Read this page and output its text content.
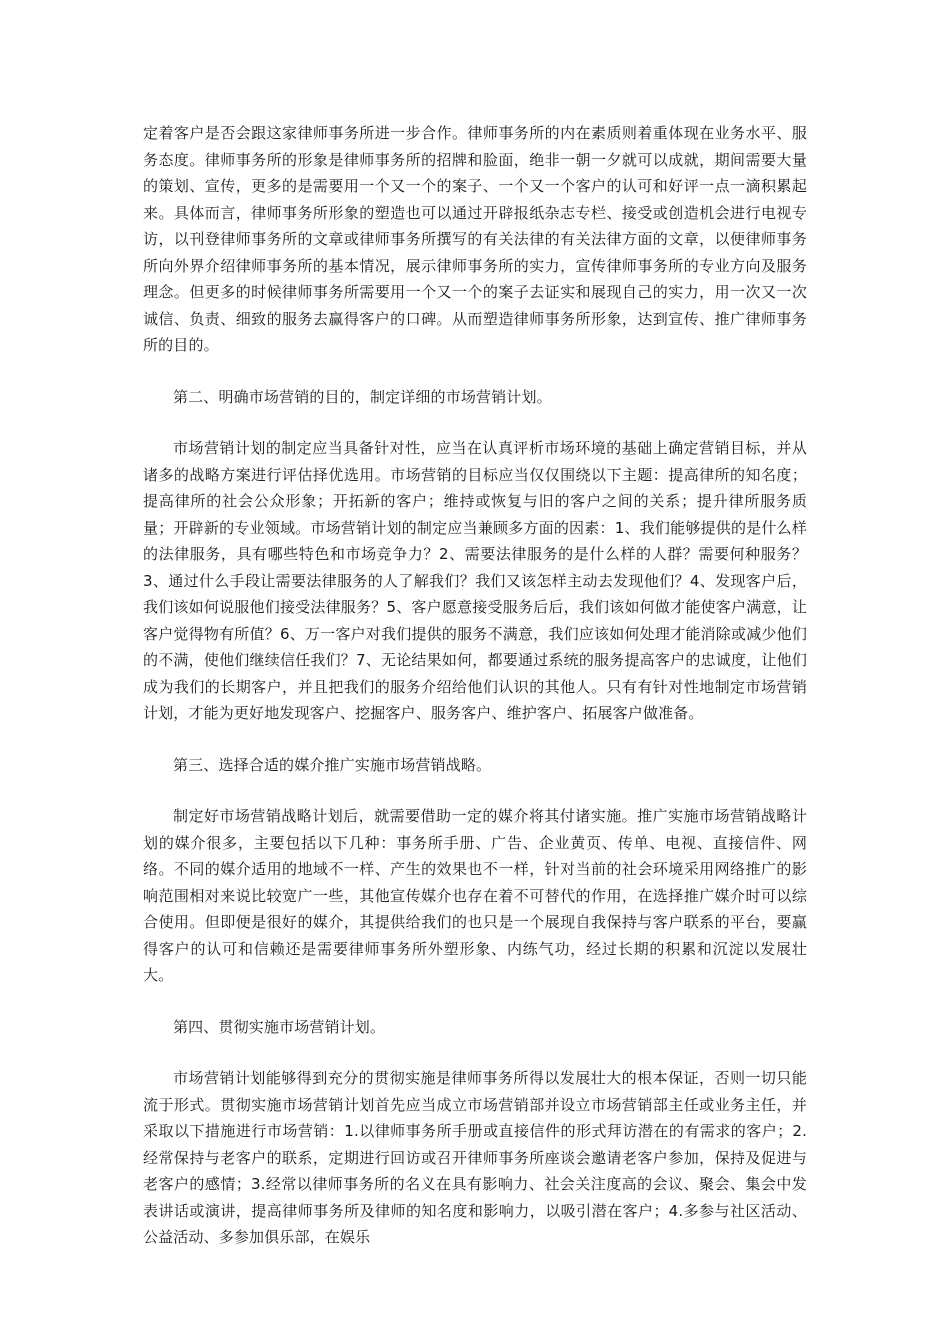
定着客户是否会跟这家律师事务所进一步合作。律师事务所的内在素质则着重体现在业务水平、服务态度。律师事务所的形象是律师事务所的招牌和脸面，绝非一朝一夕就可以成就，期间需要大量的策划、宣传，更多的是需要用一个又一个的案子、一个又一个客户的认可和好评一点一滴积累起来。具体而言，律师事务所形象的塑造也可以通过开辟报纸杂志专栏、接受或创造机会进行电视专访，以刊登律师事务所的文章或律师事务所撰写的有关法律的有关法律方面的文章，以便律师事务所向外界介绍律师事务所的基本情况，展示律师事务所的实力，宣传律师事务所的专业方向及服务理念。但更多的时候律师事务所需要用一个又一个的案子去证实和展现自己的实力，用一次又一次诚信、负责、细致的服务去赢得客户的口碑。从而塑造律师事务所形象，达到宣传、推广律师事务所的目的。

第二、明确市场营销的目的，制定详细的市场营销计划。

市场营销计划的制定应当具备针对性，应当在认真评析市场环境的基础上确定营销目标，并从诸多的战略方案进行评估择优选用。市场营销的目标应当仅仅围绕以下主题：提高律所的知名度；提高律所的社会公众形象；开拓新的客户；维持或恢复与旧的客户之间的关系；提升律所服务质量；开辟新的专业领域。市场营销计划的制定应当兼顾多方面的因素：1、我们能够提供的是什么样的法律服务，具有哪些特色和市场竞争力？2、需要法律服务的是什么样的人群？需要何种服务？3、通过什么手段让需要法律服务的人了解我们？我们又该怎样主动去发现他们？4、发现客户后，我们该如何说服他们接受法律服务？5、客户愿意接受服务后后，我们该如何做才能使客户满意，让客户觉得物有所值？6、万一客户对我们提供的服务不满意，我们应该如何处理才能消除或减少他们的不满，使他们继续信任我们？7、无论结果如何，都要通过系统的服务提高客户的忠诚度，让他们成为我们的长期客户，并且把我们的服务介绍给他们认识的其他人。只有有针对性地制定市场营销计划，才能为更好地发现客户、挖掘客户、服务客户、维护客户、拓展客户做准备。

第三、选择合适的媒介推广实施市场营销战略。

制定好市场营销战略计划后，就需要借助一定的媒介将其付诸实施。推广实施市场营销战略计划的媒介很多，主要包括以下几种：事务所手册、广告、企业黄页、传单、电视、直接信件、网络。不同的媒介适用的地域不一样、产生的效果也不一样，针对当前的社会环境采用网络推广的影响范围相对来说比较宽广一些，其他宣传媒介也存在着不可替代的作用，在选择推广媒介时可以综合使用。但即便是很好的媒介，其提供给我们的也只是一个展现自我保持与客户联系的平台，要赢得客户的认可和信赖还是需要律师事务所外塑形象、内练气功，经过长期的积累和沉淀以发展壮大。

第四、贯彻实施市场营销计划。

市场营销计划能够得到充分的贯彻实施是律师事务所得以发展壮大的根本保证，否则一切只能流于形式。贯彻实施市场营销计划首先应当成立市场营销部并设立市场营销部主任或业务主任，并采取以下措施进行市场营销：1.以律师事务所手册或直接信件的形式拜访潜在的有需求的客户；2.经常保持与老客户的联系，定期进行回访或召开律师事务所座谈会邀请老客户参加，保持及促进与老客户的感情；3.经常以律师事务所的名义在具有影响力、社会关注度高的会议、聚会、集会中发表讲话或演讲，提高律师事务所及律师的知名度和影响力，以吸引潜在客户；4.多参与社区活动、公益活动、多参加俱乐部，在娱乐
